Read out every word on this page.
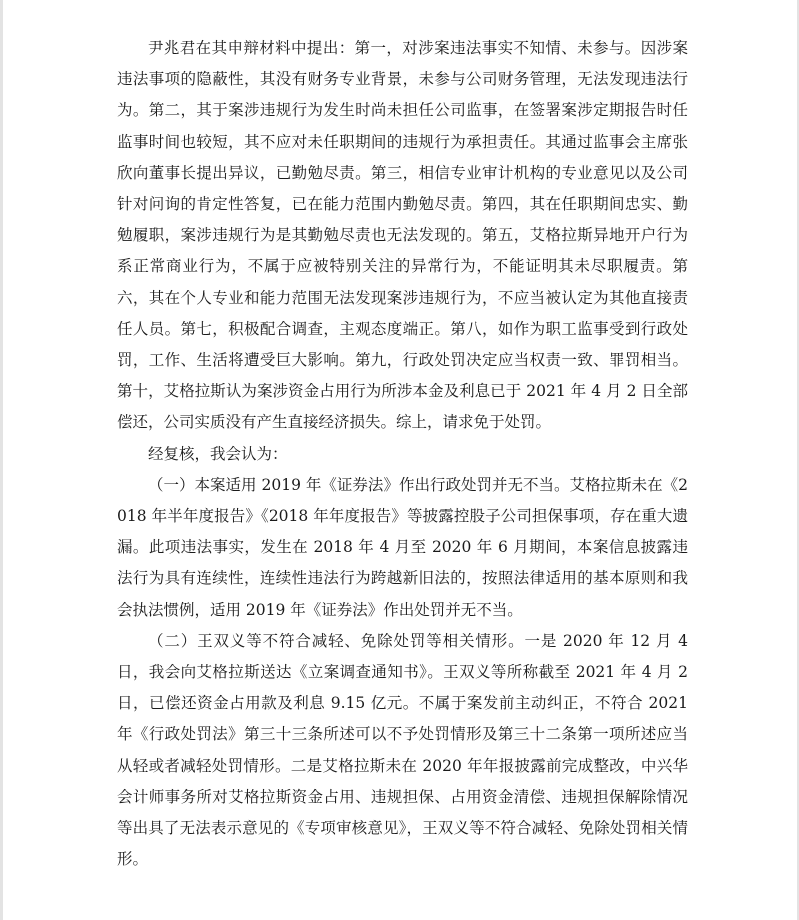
尹兆君在其申辩材料中提出：第一，对涉案违法事实不知情、未参与。因涉案违法事项的隐蔽性，其没有财务专业背景，未参与公司财务管理，无法发现违法行为。第二，其于案涉违规行为发生时尚未担任公司监事，在签署案涉定期报告时任监事时间也较短，其不应对未任职期间的违规行为承担责任。其通过监事会主席张欣向董事长提出异议，已勤勉尽责。第三，相信专业审计机构的专业意见以及公司针对问询的肯定性答复，已在能力范围内勤勉尽责。第四，其在任职期间忠实、勤勉履职，案涉违规行为是其勤勉尽责也无法发现的。第五，艾格拉斯异地开户行为系正常商业行为，不属于应被特别关注的异常行为，不能证明其未尽职履责。第六，其在个人专业和能力范围无法发现案涉违规行为，不应当被认定为其他直接责任人员。第七，积极配合调查，主观态度端正。第八，如作为职工监事受到行政处罚，工作、生活将遭受巨大影响。第九，行政处罚决定应当权责一致、罪罚相当。第十，艾格拉斯认为案涉资金占用行为所涉本金及利息已于 2021 年 4 月 2 日全部偿还，公司实质没有产生直接经济损失。综上，请求免于处罚。

经复核，我会认为：

（一）本案适用 2019 年《证券法》作出行政处罚并无不当。艾格拉斯未在《2018 年半年度报告》《2018 年年度报告》等披露控股子公司担保事项，存在重大遗漏。此项违法事实，发生在 2018 年 4 月至 2020 年 6 月期间，本案信息披露违法行为具有连续性，连续性违法行为跨越新旧法的，按照法律适用的基本原则和我会执法惯例，适用 2019 年《证券法》作出处罚并无不当。

（二）王双义等不符合减轻、免除处罚等相关情形。一是 2020 年 12 月 4 日，我会向艾格拉斯送达《立案调查通知书》。王双义等所称截至 2021 年 4 月 2 日，已偿还资金占用款及利息 9.15 亿元。不属于案发前主动纠正，不符合 2021 年《行政处罚法》第三十三条所述可以不予处罚情形及第三十二条第一项所述应当从轻或者减轻处罚情形。二是艾格拉斯未在 2020 年年报披露前完成整改，中兴华会计师事务所对艾格拉斯资金占用、违规担保、占用资金清偿、违规担保解除情况等出具了无法表示意见的《专项审核意见》，王双义等不符合减轻、免除处罚相关情形。
